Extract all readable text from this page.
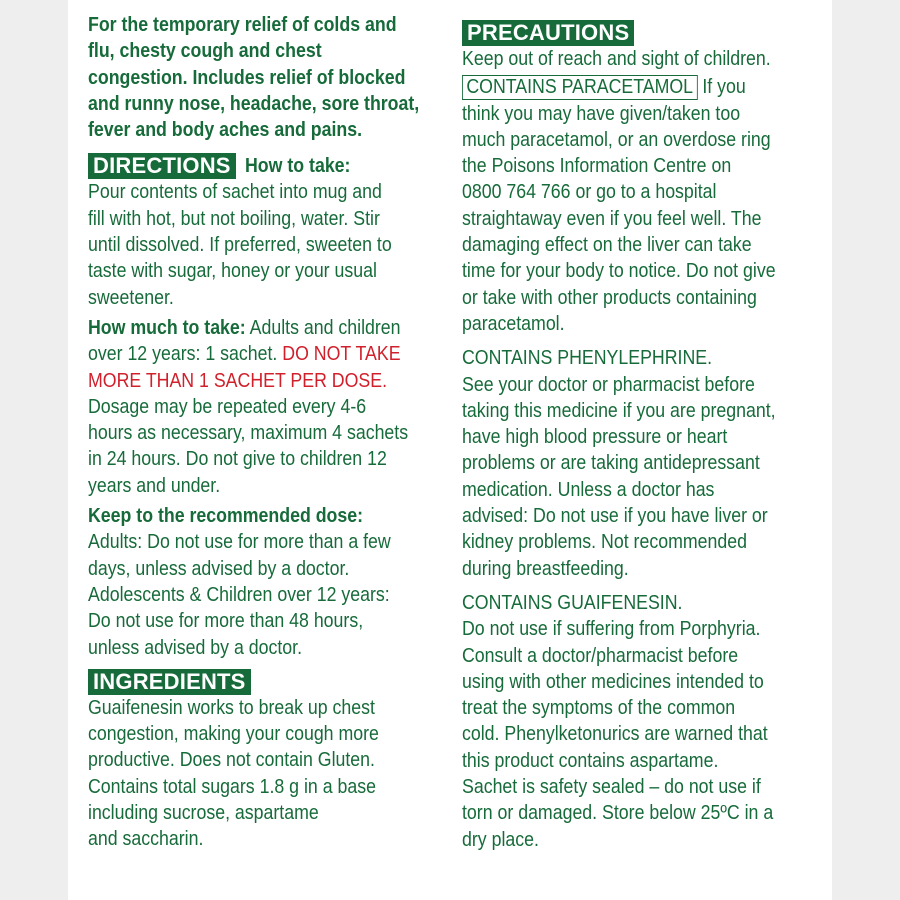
For the temporary relief of colds and

flu, chesty cough and chest

congestion. Includes relief of blocked

and runny nose, headache, sore throat,

fever and body aches and pains.

DIRECTIONS How to take:

Pour contents of sachet into mug and

fill with hot, but not boiling, water. Stir

until dissolved. If preferred, sweeten to

taste with sugar, honey or your usual

sweetener.

How much to take: Adults and children

over 12 years: 1 sachet. DO NOT TAKE

MORE THAN 1 SACHET PER DOSE.

Dosage may be repeated every 4-6

hours as necessary, maximum 4 sachets

in 24 hours. Do not give to children 12

years and under.

Keep to the recommended dose:

Adults: Do not use for more than a few

days, unless advised by a doctor.

Adolescents & Children over 12 years:

Do not use for more than 48 hours,

unless advised by a doctor.

INGREDIENTS

Guaifenesin works to break up chest

congestion, making your cough more

productive. Does not contain Gluten.

Contains total sugars 1.8 g in a base

including sucrose, aspartame

and saccharin.

PRECAUTIONS

Keep out of reach and sight of children.

CONTAINS PARACETAMOL If you

think you may have given/taken too

much paracetamol, or an overdose ring

the Poisons Information Centre on

0800 764 766 or go to a hospital

straightaway even if you feel well. The

damaging effect on the liver can take

time for your body to notice. Do not give

or take with other products containing

paracetamol.

CONTAINS PHENYLEPHRINE.

See your doctor or pharmacist before

taking this medicine if you are pregnant,

have high blood pressure or heart

problems or are taking antidepressant

medication. Unless a doctor has

advised: Do not use if you have liver or

kidney problems. Not recommended

during breastfeeding.

CONTAINS GUAIFENESIN.

Do not use if suffering from Porphyria.

Consult a doctor/pharmacist before

using with other medicines intended to

treat the symptoms of the common

cold. Phenylketonurics are warned that

this product contains aspartame.

Sachet is safety sealed – do not use if

torn or damaged. Store below 25ºC in a

dry place.
